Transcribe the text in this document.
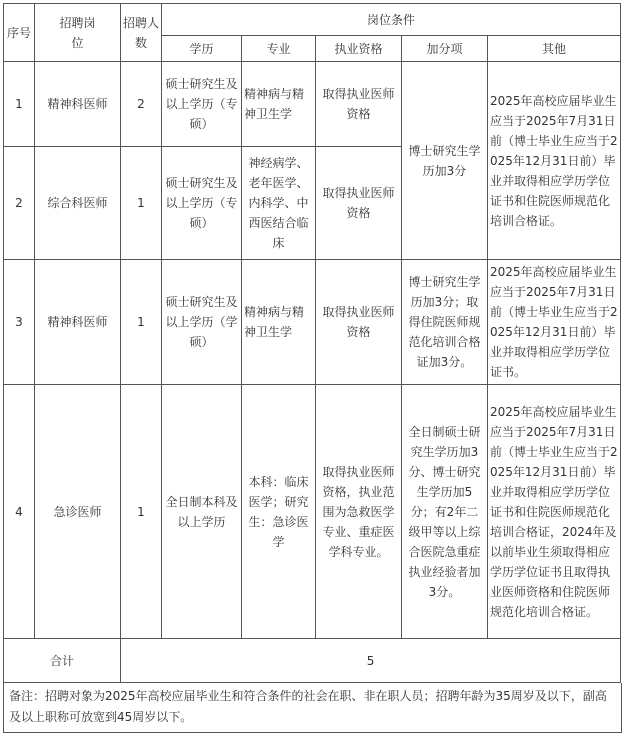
序号	招聘岗位	招聘人数	岗位条件				
			学历	专业	执业资格	加分项	其他
1	精神科医师	2	硕士研究生及以上学历（专硕）	精神病与精神卫生学	取得执业医师资格	博士研究生学历加3分	2025年高校应届毕业生应当于2025年7月31日前（博士毕业生应当于2025年12月31日前）毕业并取得相应学历学位证书和住院医师规范化培训合格证。
2	综合科医师	1	硕士研究生及以上学历（专硕）	神经病学、老年医学、内科学、中西医结合临床	取得执业医师资格		
3	精神科医师	1	硕士研究生及以上学历（学硕）	精神病与精神卫生学	取得执业医师资格	博士研究生学历加3分；取得住院医师规范化培训合格证加3分。	2025年高校应届毕业生应当于2025年7月31日前（博士毕业生应当于2025年12月31日前）毕业并取得相应学历学位证书。
4	急诊医师	1	全日制本科及以上学历	本科：临床医学；研究生：急诊医学	取得执业医师资格，执业范围为急救医学专业、重症医学科专业。	全日制硕士研究生学历加3分、博士研究生学历加5分；有2年二级甲等以上综合医院急重症执业经验者加3分。	2025年高校应届毕业生应当于2025年7月31日前（博士毕业生应当于2025年12月31日前）毕业并取得相应学历学位证书和住院医师规范化培训合格证，2024年及以前毕业生须取得相应学历学位证书且取得执业医师资格和住院医师规范化培训合格证。
合计		5					
备注：招聘对象为2025年高校应届毕业生和符合条件的社会在职、非在职人员；招聘年龄为35周岁及以下，副高及以上职称可放宽到45周岁以下。
